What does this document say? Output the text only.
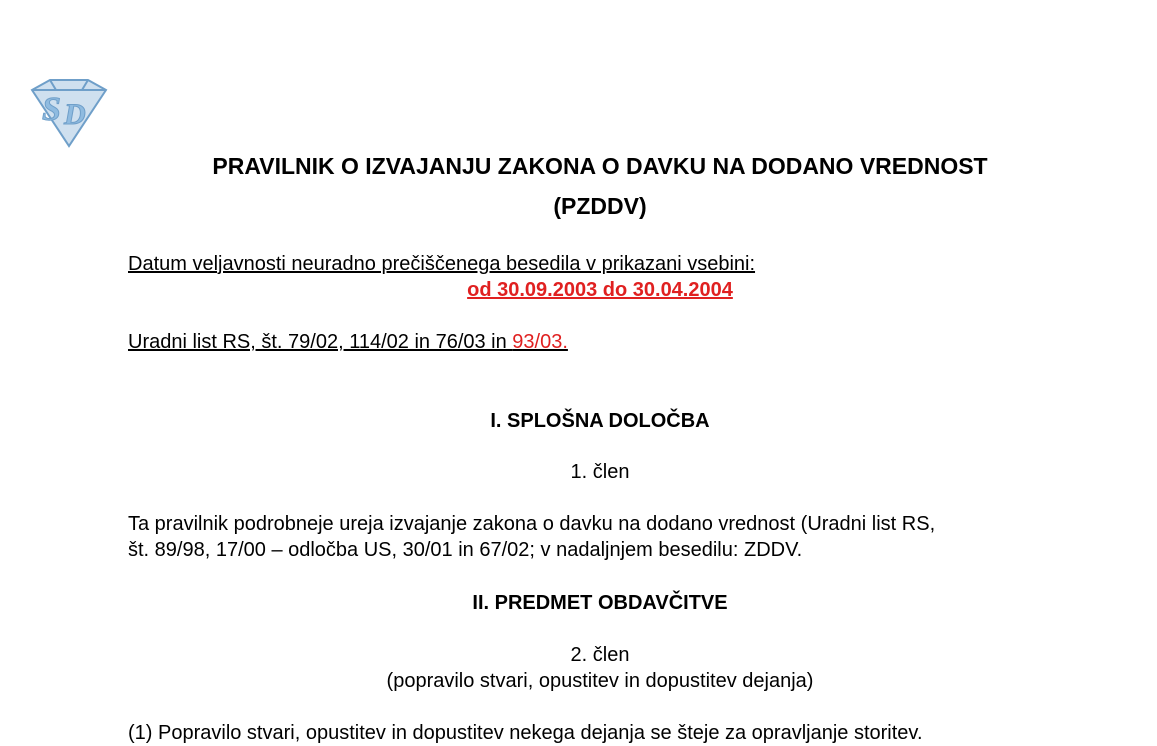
S D
PRAVILNIK O IZVAJANJU ZAKONA O DAVKU NA DODANO VREDNOST
(PZDDV)
Datum veljavnosti neuradno prečiščenega besedila v prikazani vsebini:
od 30.09.2003 do 30.04.2004
Uradni list RS, št. 79/02, 114/02 in 76/03 in 93/03.
I. SPLOŠNA DOLOČBA
1. člen
Ta pravilnik podrobneje ureja izvajanje zakona o davku na dodano vrednost (Uradni list RS,
št. 89/98, 17/00 – odločba US, 30/01 in 67/02; v nadaljnjem besedilu: ZDDV.
II. PREDMET OBDAVČITVE
2. člen
(popravilo stvari, opustitev in dopustitev dejanja)
(1) Popravilo stvari, opustitev in dopustitev nekega dejanja se šteje za opravljanje storitev.
